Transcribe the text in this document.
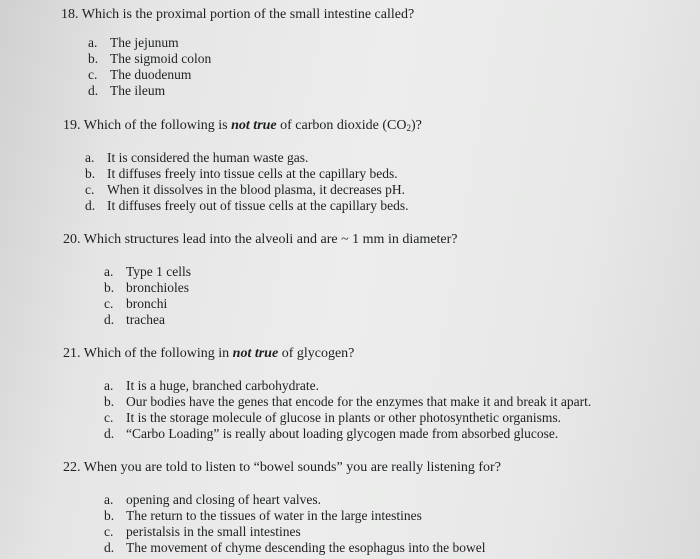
18. Which is the proximal portion of the small intestine called?
a. The jejunum
b. The sigmoid colon
c. The duodenum
d. The ileum
19. Which of the following is not true of carbon dioxide $(CO_2)$?
a. It is considered the human waste gas.
b. It diffuses freely into tissue cells at the capillary beds.
c. When it dissolves in the blood plasma, it decreases pH.
d. It diffuses freely out of tissue cells at the capillary beds.
20. Which structures lead into the alveoli and are ~ 1 mm in diameter?
a. Type 1 cells
b. bronchioles
c. bronchi
d. trachea
21. Which of the following in not true of glycogen?
a. It is a huge, branched carbohydrate.
b. Our bodies have the genes that encode for the enzymes that make it and break it apart.
c. It is the storage molecule of glucose in plants or other photosynthetic organisms.
d. “Carbo Loading” is really about loading glycogen made from absorbed glucose.
22. When you are told to listen to “bowel sounds” you are really listening for?
a. opening and closing of heart valves.
b. The return to the tissues of water in the large intestines
c. peristalsis in the small intestines
d. The movement of chyme descending the esophagus into the bowel
